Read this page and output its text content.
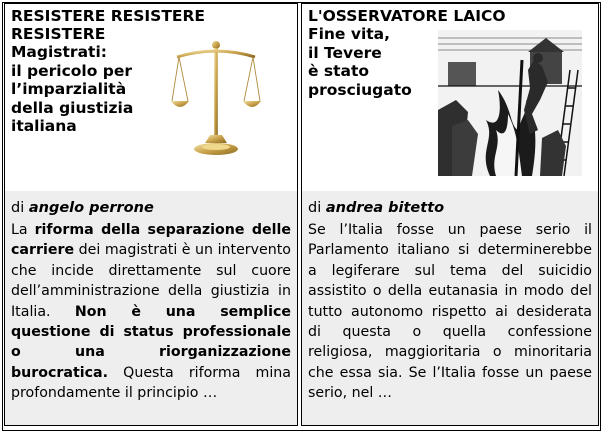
RESISTERE RESISTERE
RESISTERE
Magistrati:
il pericolo per
l’imparzialità
della giustizia
italiana
di angelo perrone
La riforma della separazione delle carriere dei magistrati è un intervento che incide direttamente sul cuore dell’amministrazione della giustizia in Italia. Non è una semplice questione di status professionale o una riorganizzazione burocratica. Questa riforma mina profondamente il principio …
L'OSSERVATORE LAICO
Fine vita,
il Tevere
è stato
prosciugato
di andrea bitetto
Se l’Italia fosse un paese serio il Parlamento italiano si determinerebbe a legiferare sul tema del suicidio assistito o della eutanasia in modo del tutto autonomo rispetto ai desiderata di questa o quella confessione religiosa, maggioritaria o minoritaria che essa sia. Se l’Italia fosse un paese serio, nel …
